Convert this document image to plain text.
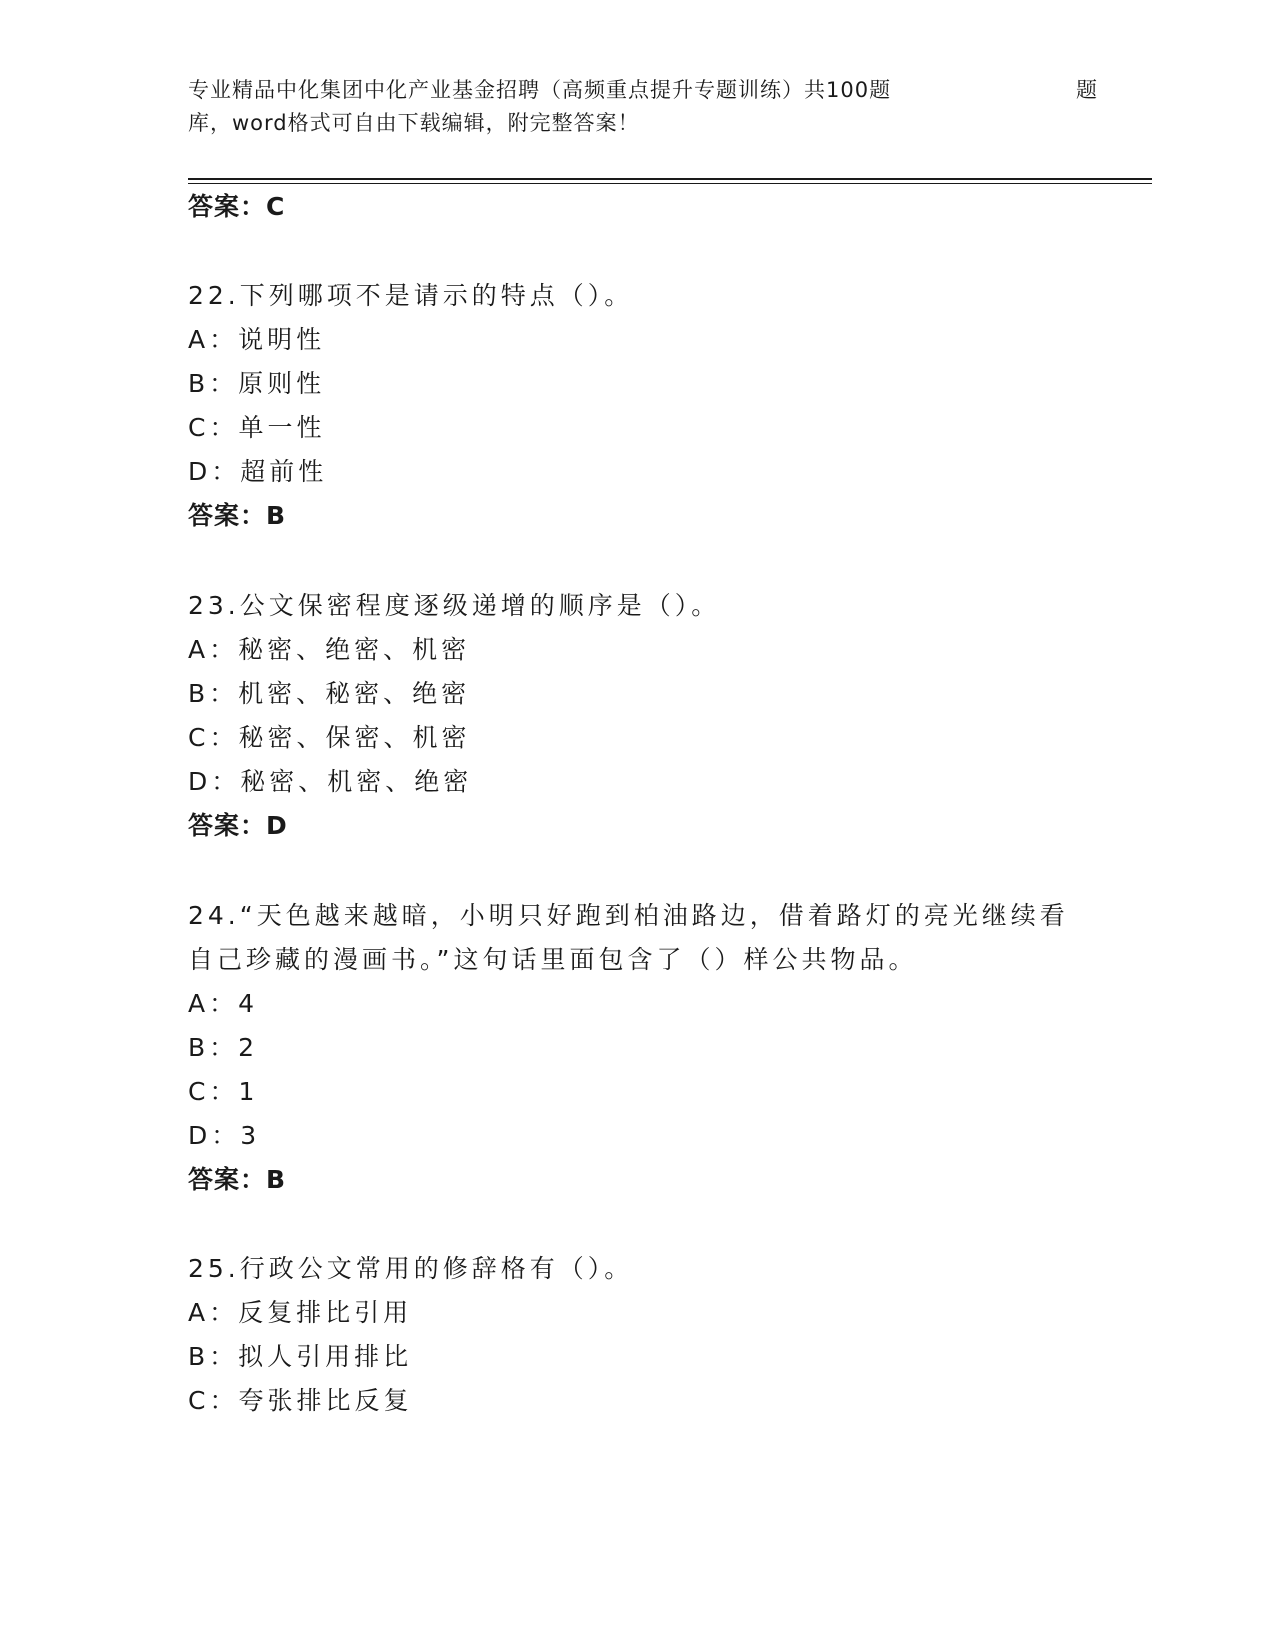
专业精品中化集团中化产业基金招聘（高频重点提升专题训练）共100题	题
库，word格式可自由下载编辑，附完整答案！
答案：C
22.下列哪项不是请示的特点（）。
A：说明性
B：原则性
C：单一性
D：超前性
答案：B
23.公文保密程度逐级递增的顺序是（）。
A：秘密、绝密、机密
B：机密、秘密、绝密
C：秘密、保密、机密
D：秘密、机密、绝密
答案：D
24.“天色越来越暗，小明只好跑到柏油路边，借着路灯的亮光继续看
自己珍藏的漫画书。”这句话里面包含了（）样公共物品。
A：4
B：2
C：1
D：3
答案：B
25.行政公文常用的修辞格有（）。
A：反复排比引用
B：拟人引用排比
C：夸张排比反复
